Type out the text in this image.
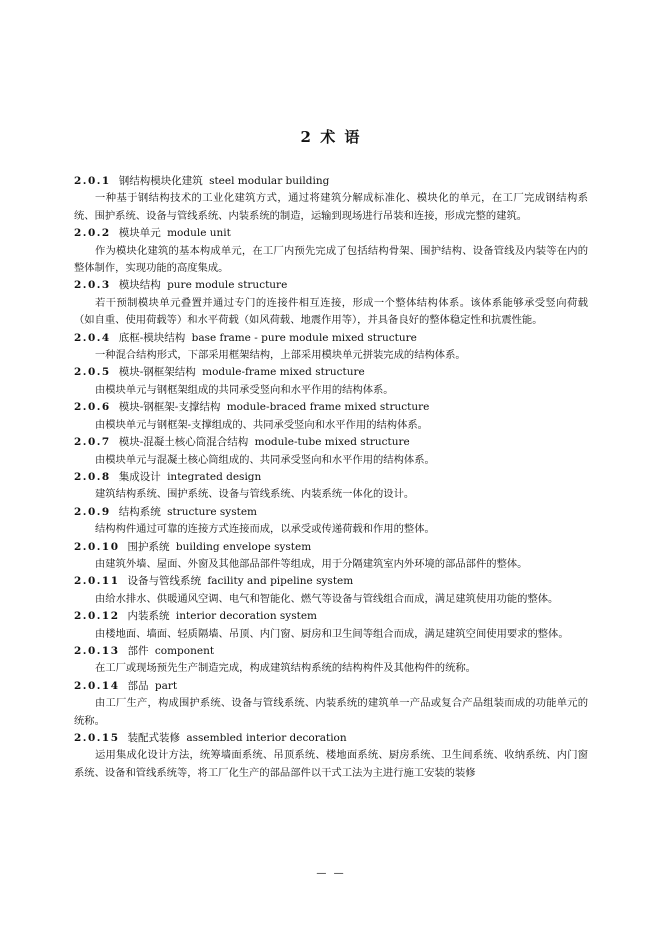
2 术 语
2.0.1 钢结构模块化建筑 steel modular building

一种基于钢结构技术的工业化建筑方式，通过将建筑分解成标准化、模块化的单元，在工厂完成钢结构系统、围护系统、设备与管线系统、内装系统的制造，运输到现场进行吊装和连接，形成完整的建筑。

2.0.2 模块单元 module unit

作为模块化建筑的基本构成单元，在工厂内预先完成了包括结构骨架、围护结构、设备管线及内装等在内的整体制作，实现功能的高度集成。

2.0.3 模块结构 pure module structure

若干预制模块单元叠置并通过专门的连接件相互连接，形成一个整体结构体系。该体系能够承受竖向荷载（如自重、使用荷载等）和水平荷载（如风荷载、地震作用等），并具备良好的整体稳定性和抗震性能。

2.0.4 底框-模块结构 base frame - pure module mixed structure

一种混合结构形式，下部采用框架结构，上部采用模块单元拼装完成的结构体系。

2.0.5 模块-钢框架结构 module-frame mixed structure

由模块单元与钢框架组成的共同承受竖向和水平作用的结构体系。

2.0.6 模块-钢框架-支撑结构 module-braced frame mixed structure

由模块单元与钢框架-支撑组成的、共同承受竖向和水平作用的结构体系。

2.0.7 模块-混凝土核心筒混合结构 module-tube mixed structure

由模块单元与混凝土核心筒组成的、共同承受竖向和水平作用的结构体系。

2.0.8 集成设计 integrated design

建筑结构系统、围护系统、设备与管线系统、内装系统一体化的设计。

2.0.9 结构系统 structure system

结构构件通过可靠的连接方式连接而成，以承受或传递荷载和作用的整体。

2.0.10 围护系统 building envelope system

由建筑外墙、屋面、外窗及其他部品部件等组成，用于分隔建筑室内外环境的部品部件的整体。

2.0.11 设备与管线系统 facility and pipeline system

由给水排水、供暖通风空调、电气和智能化、燃气等设备与管线组合而成，满足建筑使用功能的整体。

2.0.12 内装系统 interior decoration system

由楼地面、墙面、轻质隔墙、吊顶、内门窗、厨房和卫生间等组合而成，满足建筑空间使用要求的整体。

2.0.13 部件 component

在工厂或现场预先生产制造完成，构成建筑结构系统的结构构件及其他构件的统称。

2.0.14 部品 part

由工厂生产，构成围护系统、设备与管线系统、内装系统的建筑单一产品或复合产品组装而成的功能单元的统称。

2.0.15 装配式装修 assembled interior decoration

运用集成化设计方法，统筹墙面系统、吊顶系统、楼地面系统、厨房系统、卫生间系统、收纳系统、内门窗系统、设备和管线系统等，将工厂化生产的部品部件以干式工法为主进行施工安装的装修

— —
